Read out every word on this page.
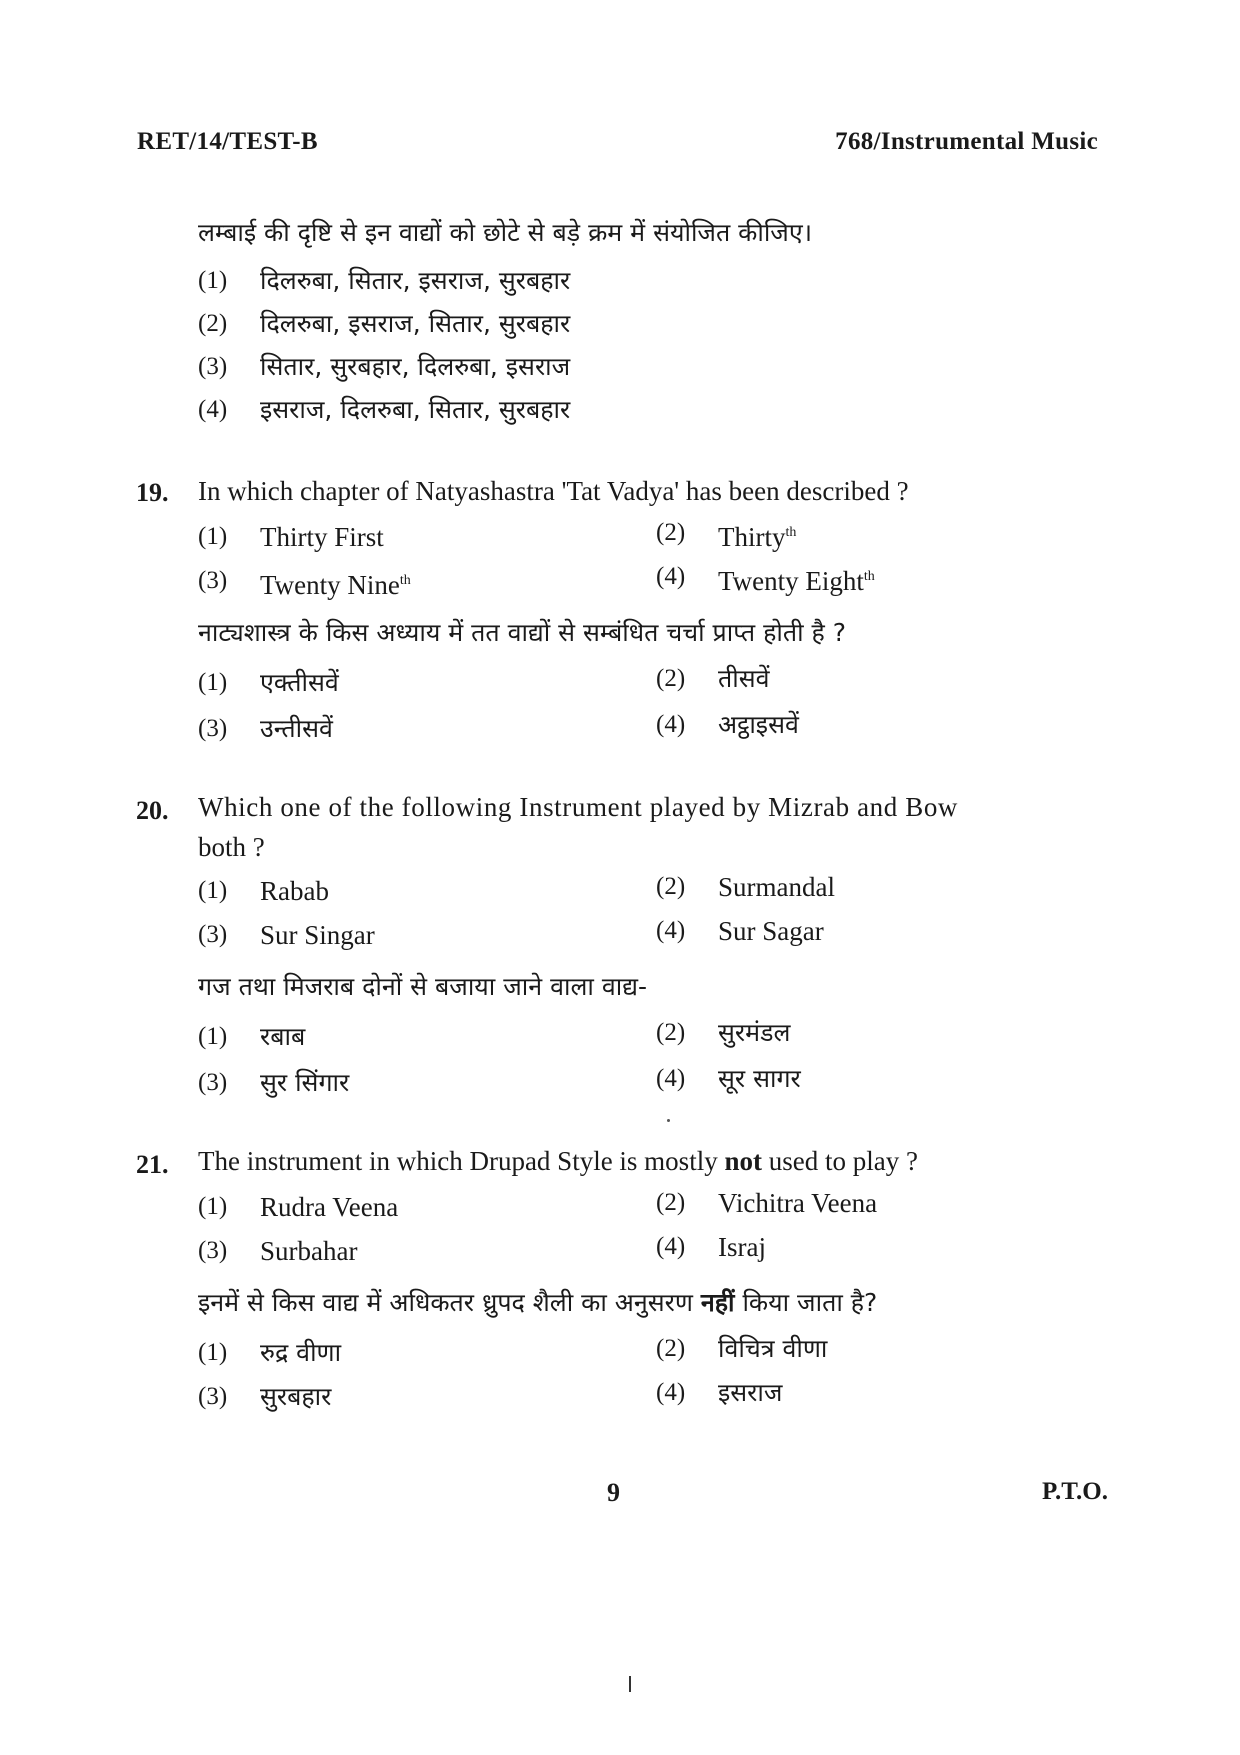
RET/14/TEST-B	768/Instrumental Music
लम्बाई की दृष्टि से इन वाद्यों को छोटे से बड़े क्रम में संयोजित कीजिए।
(1)	दिलरुबा, सितार, इसराज, सुरबहार
(2)	दिलरुबा, इसराज, सितार, सुरबहार
(3)	सितार, सुरबहार, दिलरुबा, इसराज
(4)	इसराज, दिलरुबा, सितार, सुरबहार
19. In which chapter of Natyashastra 'Tat Vadya' has been described ?
(1)	Thirty First	(2)	Thirty$^{th}$
(3)	Twenty Nine$^{th}$	(4)	Twenty Eight$^{th}$
नाट्यशास्त्र के किस अध्याय में तत वाद्यों से सम्बंधित चर्चा प्राप्त होती है ?
(1)	एक्तीसवें	(2)	तीसवें
(3)	उन्तीसवें	(4)	अट्ठाइसवें
20. Which one of the following Instrument played by Mizrab and Bow
both ?
(1)	Rabab	(2)	Surmandal
(3)	Sur Singar	(4)	Sur Sagar
गज तथा मिजराब दोनों से बजाया जाने वाला वाद्य-
(1)	रबाब	(2)	सुरमंडल
(3)	सुर सिंगार	(4)	सूर सागर
21. The instrument in which Drupad Style is mostly not used to play ?
(1)	Rudra Veena	(2)	Vichitra Veena
(3)	Surbahar	(4)	Israj
इनमें से किस वाद्य में अधिकतर ध्रुपद शैली का अनुसरण नहीं किया जाता है?
(1)	रुद्र वीणा	(2)	विचित्र वीणा
(3)	सुरबहार	(4)	इसराज
9	P.T.O.
